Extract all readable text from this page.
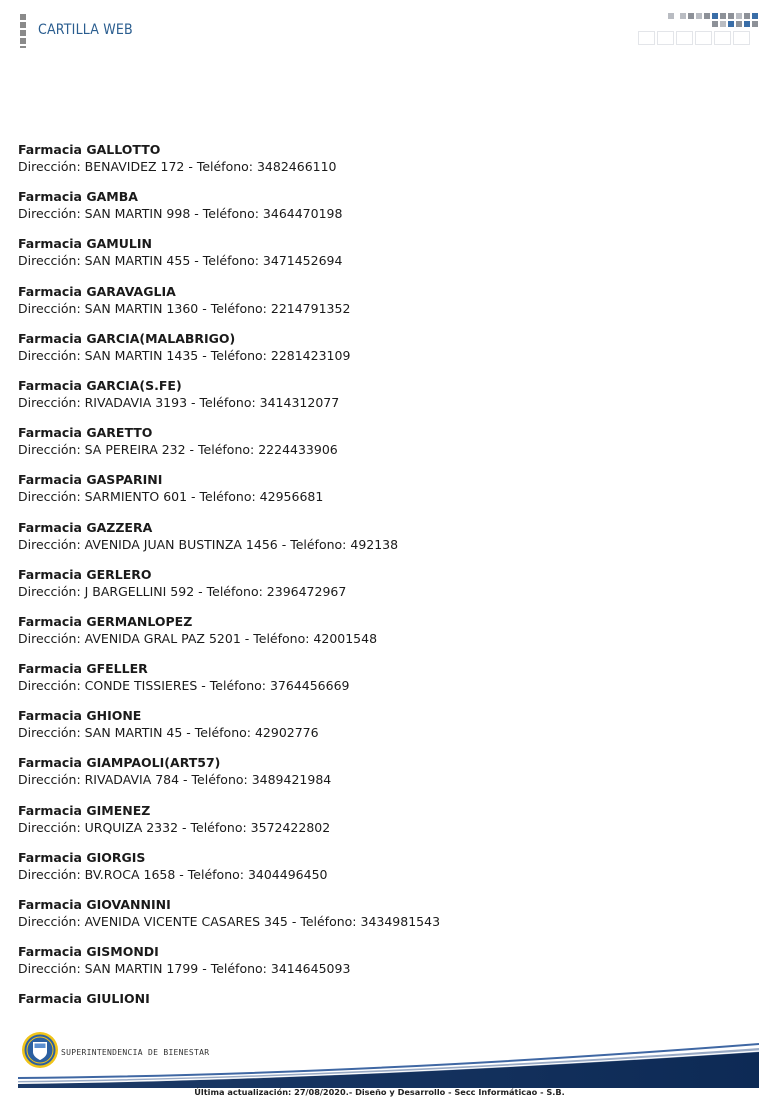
CARTILLA WEB
Farmacia GALLOTTO
Dirección: BENAVIDEZ 172 - Teléfono: 3482466110
Farmacia GAMBA
Dirección: SAN MARTIN 998 - Teléfono: 3464470198
Farmacia GAMULIN
Dirección: SAN MARTIN 455 - Teléfono: 3471452694
Farmacia GARAVAGLIA
Dirección: SAN MARTIN 1360 - Teléfono: 2214791352
Farmacia GARCIA(MALABRIGO)
Dirección: SAN MARTIN 1435 - Teléfono: 2281423109
Farmacia GARCIA(S.FE)
Dirección: RIVADAVIA 3193 - Teléfono: 3414312077
Farmacia GARETTO
Dirección: SA PEREIRA 232 - Teléfono: 2224433906
Farmacia GASPARINI
Dirección: SARMIENTO 601 - Teléfono: 42956681
Farmacia GAZZERA
Dirección: AVENIDA JUAN BUSTINZA 1456 - Teléfono: 492138
Farmacia GERLERO
Dirección: J BARGELLINI 592 - Teléfono: 2396472967
Farmacia GERMANLOPEZ
Dirección: AVENIDA GRAL PAZ 5201 - Teléfono: 42001548
Farmacia GFELLER
Dirección: CONDE TISSIERES - Teléfono: 3764456669
Farmacia GHIONE
Dirección: SAN MARTIN 45 - Teléfono: 42902776
Farmacia GIAMPAOLI(ART57)
Dirección: RIVADAVIA 784 - Teléfono: 3489421984
Farmacia GIMENEZ
Dirección: URQUIZA 2332 - Teléfono: 3572422802
Farmacia GIORGIS
Dirección: BV.ROCA 1658 - Teléfono: 3404496450
Farmacia GIOVANNINI
Dirección: AVENIDA VICENTE CASARES 345 - Teléfono: 3434981543
Farmacia GISMONDI
Dirección: SAN MARTIN 1799 - Teléfono: 3414645093
Farmacia GIULIONI
SUPERINTENDENCIA DE BIENESTAR
Última actualización: 27/08/2020.- Diseño y Desarrollo - Secc Informáticao - S.B.
